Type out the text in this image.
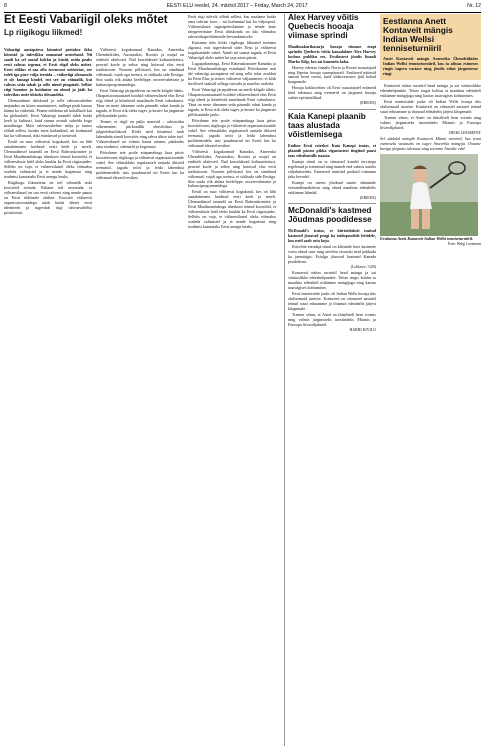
8	EESTI ELU reedel, 24. märtsil 2017 – Friday, March 24, 2017	Nr. 12
Et Eesti Vabariigil oleks mõtet
Lp riigikogu liikmed!

Vabariigi aastapäeva künnisel peetakse ikka kõnesid ja tulevikku suunatud arutelusid. Nii saadi ka sel aastal kokku ja küsiti, mida peaks eesti rahvas tegema, et Eesti riigil oleks mõtet. Eesti riiklus ei saa olla iseenesest mõistetav, see tuleb iga päev välja teenida – väikeriigi olemasolu ei ole kunagi kindel, ent see on võimalik, kui rahvas seda tahab ja selle nimel pingutab. Sellise riigi loomine ja hoidmine on olnud ja jääb ka tulevikus meie ühiseks ülesandeks.

Ülemaailmne ühiskond ja selle rahvusvaheline majandus on kiires muutumises, millega peab kaasas käima ka väikeriik. Peame mõtlema nii kohalikult kui ka globaalselt. Eesti Vabariigi tasandil tuleb hoida keelt ja kultuuri, kuid samas avatult suhelda kogu maailmaga. Meie rahvusvaheline mõju ja tuntus sõltub sellest, kuidas meie kodanikud, nii kodumaal kui ka välismaal, riiki esindavad ja toetavad.

Eestil on suur väliseesti kogukond, kes on läbi aastakümnete hoidnud eesti keelt ja meelt. Ülemaailmsel tasandil on Eesti Rahvuskomitee ja Eesti Maailmanõukogu üheskoos teinud koostööd, et väliseestlaste hääl oleks kuulda ka Eesti riigiasjades. Selleks on vaja, et väliseestlastel oleks võimalus osaleda valimistel ja et nende kogemusi ning teadmisi kasutataks Eesti arengu heaks.

Riigikogu liikmetena on teil võimalik seda koostööd toetada. Palume teil arvestada, et väliseestlased on osa eesti rahvast ning nende panus on Eesti riiklusele oluline. Koostöö väliseesti organisatsioonidega aitab hoida ühtset eesti identiteeti ja tugevdab riigi rahvusvahelist positsiooni.

Väliseesti kogukonnad Kanadas, Ameerika Ühendriikides, Austraalias, Rootsis ja mujal on endiselt aktiivsed. Nad korraldavad kultuuriüritusi, peavad koole ja seltse ning hoiavad elus eesti traditsioone. Noorem põlvkond, kes on sündinud välismaal, vajab aga toetust, et säilitada side Eestiga. Siin saaks riik aidata keeleõppe, noortevahetuste ja kultuuriprogrammidega.

Eesti Vabariigi järjepidevus on meile kõigile tähtis. Okupatsiooniaastatel hoidsid väliseestlased elus Eesti riigi ideed ja kõnelesid maailmale Eesti vabadusest. Täna on meie ülesanne seda pärandit edasi kanda ja tagada, et Eesti riik oleks tugev ja kestev ka järgmiste põlvkondade jaoks.

Teame, et riigil on palju muresid – rahvastiku vähenemine, piirkondlik ebavõrdsus ja julgeolekuolukord. Kõiki neid küsimusi saab lahendada ainult koostöös ning rahva ühise tahte toel. Väliseestlased on valmis kaasa aitama, pakkudes oma teadmisi, sidemeid ja kogemusi.

Pöördume teie poole ettepanekuga luua püsiv koostöövorm riigikogu ja väliseesti organisatsioonide vahel. See võimaldaks regulaarselt arutada ühiseid teemasid, jagada infot ja leida lahendusi probleemidele, mis puudutavad nii Eestit kui ka välismaal elavaid eestlasi.

Eesti riigi tulevik sõltub sellest, kas suudame hoida oma rahvast koos – nii kodumaal kui ka väljaspool. Väliseestlaste tagasipöördumine ja nende laste integreerimine Eesti ühiskonda on üks võimalus rahvastikuprobleemide leevendamiseks.

Kutsume üles kõiki riigikogu liikmeid toetama algatusi, mis tugevdavad sidet Eesti ja väliseesti kogukondade vahel. Ainult nii saame tagada, et Eesti Vabariigil oleks mõtet ka saja aasta pärast.

Lugupidamisega, Eesti Rahvuskomitee Kanadas ja Eesti Maailmanõukogu esindajad. Pöördumine anti üle vabariigi aastapäeva eel ning selle tekst avaldati ka Eesti Elus ja teistes väliseesti väljaannetes, et kõik huvilised saaksid sellega tutvuda ja arutelus osaleda.

Eesti Vabariigi järjepidevus on meile kõigile tähtis. Okupatsiooniaastatel hoidsid väliseestlased elus Eesti riigi ideed ja kõnelesid maailmale Eesti vabadusest. Täna on meie ülesanne seda pärandit edasi kanda ja tagada, et Eesti riik oleks tugev ja kestev ka järgmiste põlvkondade jaoks.

Pöördume teie poole ettepanekuga luua püsiv koostöövorm riigikogu ja väliseesti organisatsioonide vahel. See võimaldaks regulaarselt arutada ühiseid teemasid, jagada infot ja leida lahendusi probleemidele, mis puudutavad nii Eestit kui ka välismaal elavaid eestlasi.

Väliseesti kogukonnad Kanadas, Ameerika Ühendriikides, Austraalias, Rootsis ja mujal on endiselt aktiivsed. Nad korraldavad kultuuriüritusi, peavad koole ja seltse ning hoiavad elus eesti traditsioone. Noorem põlvkond, kes on sündinud välismaal, vajab aga toetust, et säilitada side Eestiga. Siin saaks riik aidata keeleõppe, noortevahetuste ja kultuuriprogrammidega.

Eestil on suur väliseesti kogukond, kes on läbi aastakümnete hoidnud eesti keelt ja meelt. Ülemaailmsel tasandil on Eesti Rahvuskomitee ja Eesti Maailmanõukogu üheskoos teinud koostööd, et väliseestlaste hääl oleks kuulda ka Eesti riigiasjades. Selleks on vaja, et väliseestlastel oleks võimalus osaleda valimistel ja et nende kogemusi ning teadmisi kasutataks Eesti arengu heaks.

Alex Harvey võitis Quebecis hooaja viimase sprindi

Maailmakarikasarja hooaja viimase etapi sprindis Quebecis võitis kanadalane Alex Harvey koduse publiku ees. Eestlastest jõudis finaali Marko Kilp, kes sai kuuenda koha.

Harvey edestas finaalis Norra ja Rootsi suusatajaid ning lõpetas hooaja suurepäraselt. Eestlased näitasid samuti head vormi, kuid üldarvestuses jäid kohad kaugemale.

Hooaja kokkuvõttes oli Eesti suusatajatel mitmeid häid tulemusi ning treenerid on järgmise hooaja suhtes optimistlikud.

(ERR/EE)
Kaia Kanepi plaanib taas alustada võistlemisega

Endine Eesti esireket Kaia Kanepi teatas, et plaanib pärast pikka vigastustest tingitud pausi taas võistlustulle naasta.

Kanepi sõnul on ta viimastel kuudel tervisega tegelenud ja treeninud ning tunneb end valmis uuteks väljakutseteks. Esimesed turniirid peaksid toimuma juba kevadel.

Kanepi on varem jõudnud suurte slämmide veerandfinaalidesse ning olnud maailma edetabelis esikümne lähedal.

(ERR/EE)
McDonaldi's kastmed Jõudmas poodidesse

McDonald's teatas, et kiirtoiduketi tuntud kastmed jõuavad peagi ka toidupoodide lettidele, kus neid saab osta koju.

Ettevõtte esindaja sõnul on klientide huvi kastmete vastu olnud suur ning seetõttu otsustati neid pakkuda ka jaemüügis. Esialgu jõuavad kastmed Kanada poodidesse.

(Loblaws / GM)

Kontaveit näitas turniiril head mängu ja sai väärtuslikke edetabelipunkte. Teises ringis kohtus ta maailma edetabeli esikümne mängijaga ning kaotas tasavägises kohtumises.

Eesti tennisistide jaoks oli Indian Wells hooaja üks olulisemaid turniire. Kontaveit on viimastel aastatel teinud suuri edusamme ja tõusnud edetabelis järjest kõrgemale.

Treener sõnas, et Anett on füüsiliselt heas vormis ning valmis järgmisteks turniirideks Miamis ja Euroopa liivaväljakutel.

HARRI KIVILO
Eestlanna Anett Kontaveit mängis Indian Wellsi tenniseturniiril

Anett Kontaveit mängis Ameerika Ühendriikides Indian Wellsi tenniseturniiril, kus ta alistas esimeses ringis tugeva vastase ning jõudis edasi järgmisesse ringi.

Kontaveit näitas turniiril head mängu ja sai väärtuslikke edetabelipunkte. Teises ringis kohtus ta maailma edetabeli esikümne mängijaga ning kaotas tasavägises kohtumises.

Eesti tennisistide jaoks oli Indian Wells hooaja üks olulisemaid turniire. Kontaveit on viimastel aastatel teinud suuri edusamme ja tõusnud edetabelis järjest kõrgemale.

Treener sõnas, et Anett on füüsiliselt heas vormis ning valmis järgmisteks turniirideks Miamis ja Euroopa liivaväljakutel.

HEIKI LEESMENT

Sel nädalal mängib Kontaveit Miami turniiril, kus tema esimeseks vastaseks on tugev Ameerika mängija. Ootame huviga järgmisi tulemusi ning soovime Anettile edu!

Eestlanna Anett Kontaveit Indian Wellsi tenniseturniiril.
Foto: Helgi Leesment
